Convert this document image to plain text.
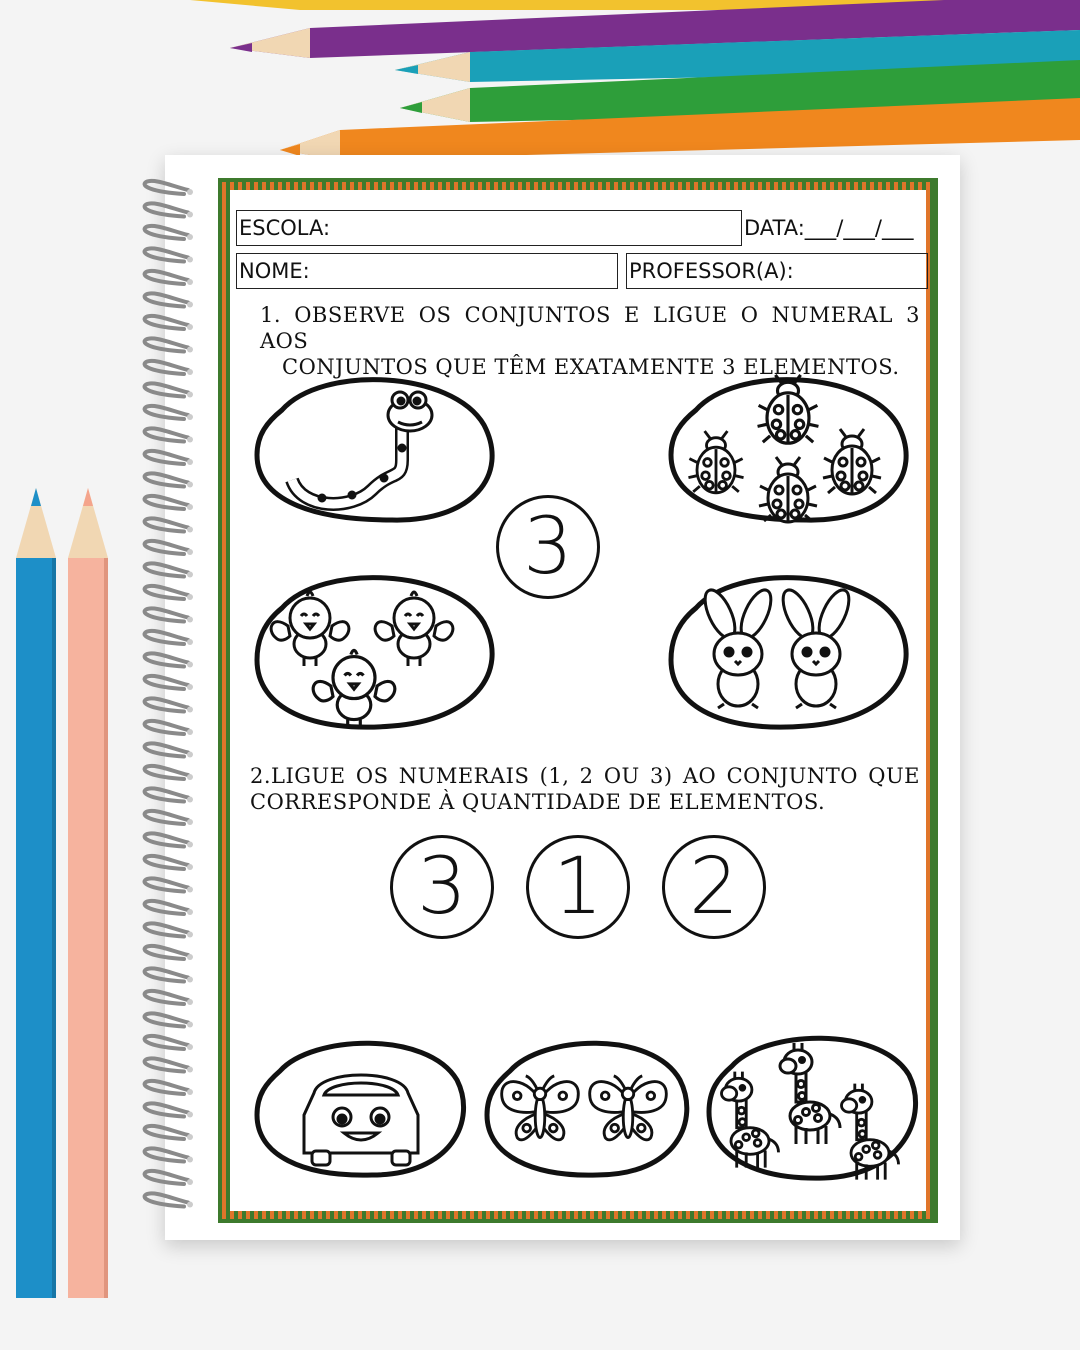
ESCOLA:	DATA:___/___/___
NOME:	PROFESSOR(A):
1. OBSERVE OS CONJUNTOS E LIGUE O NUMERAL 3 AOS
CONJUNTOS QUE TÊM EXATAMENTE 3 ELEMENTOS.
3
2.LIGUE OS NUMERAIS (1, 2 OU 3) AO CONJUNTO QUE
CORRESPONDE À QUANTIDADE DE ELEMENTOS.
3	1	2
